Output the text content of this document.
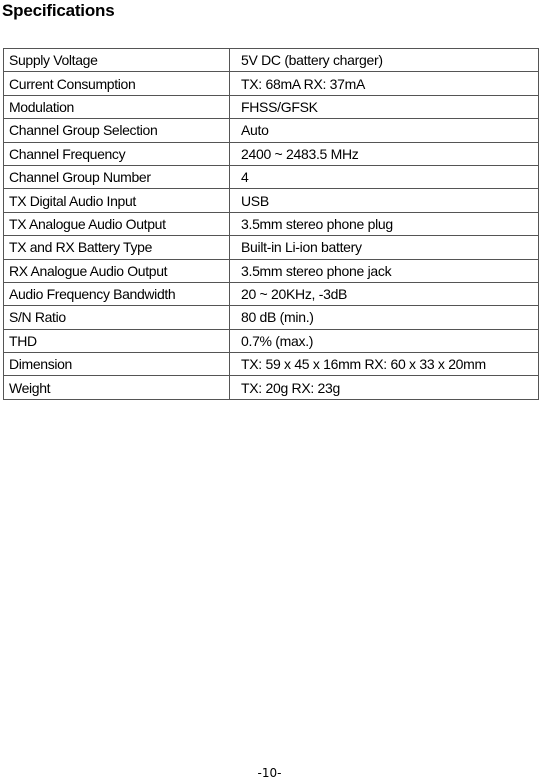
Specifications
Supply Voltage	5V DC (battery charger)
Current Consumption	TX: 68mA RX: 37mA
Modulation	FHSS/GFSK
Channel Group Selection	Auto
Channel Frequency	2400 ~ 2483.5 MHz
Channel Group Number	4
TX Digital Audio Input	USB
TX Analogue Audio Output	3.5mm stereo phone plug
TX and RX Battery Type	Built-in Li-ion battery
RX Analogue Audio Output	3.5mm stereo phone jack
Audio Frequency Bandwidth	20 ~ 20KHz, -3dB
S/N Ratio	80 dB (min.)
THD	0.7% (max.)
Dimension	TX: 59 x 45 x 16mm RX: 60 x 33 x 20mm
Weight	TX: 20g RX: 23g
-10-
